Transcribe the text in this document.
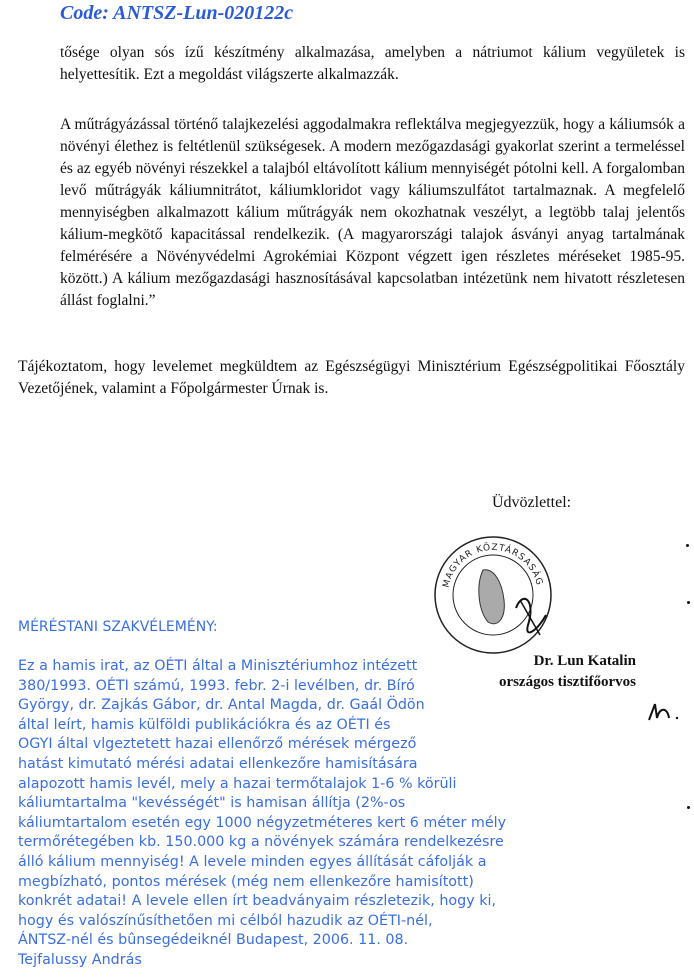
Code: ANTSZ-Lun-020122c

tősége olyan sós ízű készítmény alkalmazása, amelyben a nátriumot kálium vegyületek is helyettesítik. Ezt a megoldást világszerte alkalmazzák.

A műtrágyázással történő talajkezelési aggodalmakra reflektálva megjegyezzük, hogy a káliumsók a növényi élethez is feltétlenül szükségesek. A modern mezőgazdasági gyakorlat szerint a termeléssel és az egyéb növényi részekkel a talajból eltávolított kálium mennyiségét pótolni kell. A forgalomban levő műtrágyák káliumnitrátot, káliumkloridot vagy káliumszulfátot tartalmaznak. A megfelelő mennyiségben alkalmazott kálium műtrágyák nem okozhatnak veszélyt, a legtöbb talaj jelentős kálium-megkötő kapacitással rendelkezik. (A magyarországi talajok ásványi anyag tartalmának felmérésére a Növényvédelmi Agrokémiai Központ végzett igen részletes méréseket 1985-95. között.) A kálium mezőgazdasági hasznosításával kapcsolatban intézetünk nem hivatott részletesen állást foglalni.”

Tájékoztatom, hogy levelemet megküldtem az Egészségügyi Minisztérium Egészségpolitikai Főosztály Vezetőjének, valamint a Főpolgármester Úrnak is.

Üdvözlettel:
MAGYAR KÖZTÁRSASÁG
Dr. Lun Katalin
országos tisztifőorvos
MÉRÉSTANI SZAKVÉLEMÉNY:
Ez a hamis irat, az OÉTI által a Minisztériumhoz intézett
380/1993. OÉTI számú, 1993. febr. 2-i levélben, dr. Bíró
György, dr. Zajkás Gábor, dr. Antal Magda, dr. Gaál Ödön
által leírt, hamis külföldi publikációkra és az OÉTI és
OGYI által vlgeztetett hazai ellenőrző mérések mérgező
hatást kimutató mérési adatai ellenkezőre hamisítására
alapozott hamis levél, mely a hazai termőtalajok 1-6 % körüli
káliumtartalma "kevésségét" is hamisan állítja (2%-os
káliumtartalom esetén egy 1000 négyzetméteres kert 6 méter mély
termőrétegében kb. 150.000 kg a növények számára rendelkezésre
álló kálium mennyiség! A levele minden egyes állítását cáfolják a
megbízható, pontos mérések (még nem ellenkezőre hamisított)
konkrét adatai! A levele ellen írt beadványaim részletezik, hogy ki,
hogy és valószínűsíthetően mi célból hazudik az OÉTI-nél,
ÁNTSZ-nél és bûnsegédeiknél Budapest, 2006. 11. 08.
Tejfalussy András
